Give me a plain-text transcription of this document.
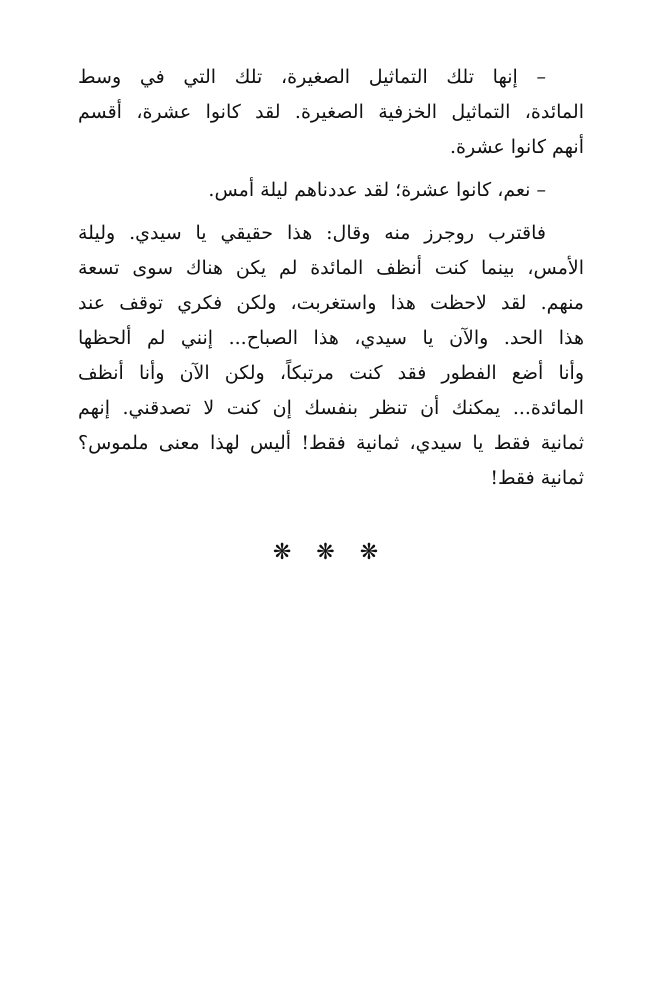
– إنها تلك التماثيل الصغيرة، تلك التي في وسط
المائدة، التماثيل الخزفية الصغيرة. لقد كانوا عشرة، أقسم
أنهم كانوا عشرة.

– نعم، كانوا عشرة؛ لقد عددناهم ليلة أمس.

فاقترب روجرز منه وقال: هذا حقيقي يا سيدي. وليلة
الأمس، بينما كنت أنظف المائدة لم يكن هناك سوى تسعة
منهم. لقد لاحظت هذا واستغربت، ولكن فكري توقف عند
هذا الحد. والآن يا سيدي، هذا الصباح... إنني لم ألحظها
وأنا أضع الفطور فقد كنت مرتبكاً، ولكن الآن وأنا أنظف
المائدة... يمكنك أن تنظر بنفسك إن كنت لا تصدقني. إنهم
ثمانية فقط يا سيدي، ثمانية فقط! أليس لهذا معنى ملموس؟
ثمانية فقط!

❋ ❋ ❋
